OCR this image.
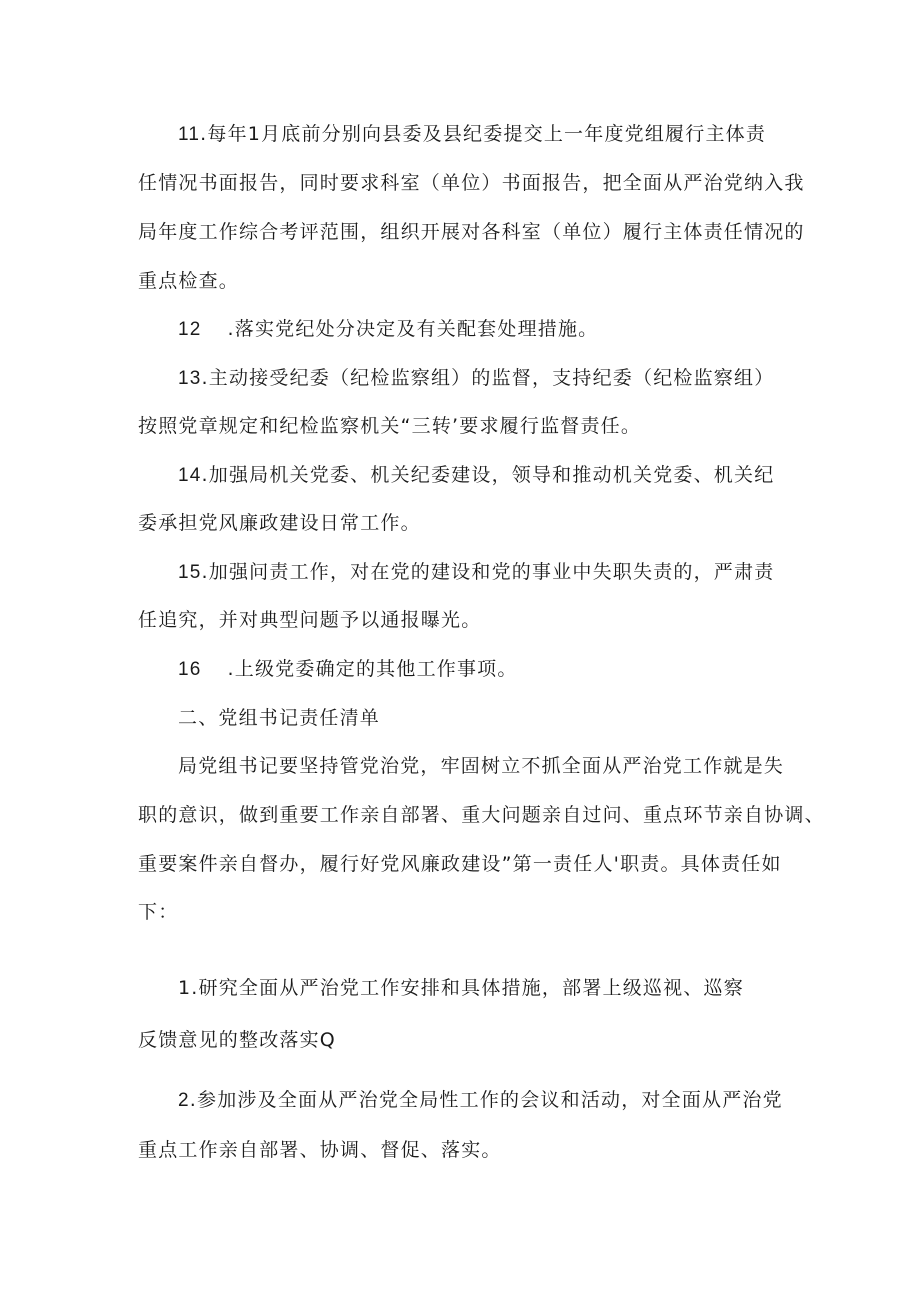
11.每年1月底前分别向县委及县纪委提交上一年度党组履行主体责
任情况书面报告，同时要求科室（单位）书面报告，把全面从严治党纳入我
局年度工作综合考评范围，组织开展对各科室（单位）履行主体责任情况的
重点检查。
12 .落实党纪处分决定及有关配套处理措施。
13.主动接受纪委（纪检监察组）的监督，支持纪委（纪检监察组）
按照党章规定和纪检监察机关“三转’要求履行监督责任。
14.加强局机关党委、机关纪委建设，领导和推动机关党委、机关纪
委承担党风廉政建设日常工作。
15.加强问责工作，对在党的建设和党的事业中失职失责的，严肃责
任追究，并对典型问题予以通报曝光。
16 .上级党委确定的其他工作事项。
二、党组书记责任清单
局党组书记要坚持管党治党，牢固树立不抓全面从严治党工作就是失
职的意识，做到重要工作亲自部署、重大问题亲自过问、重点环节亲自协调、
重要案件亲自督办，履行好党风廉政建设”第一责任人'职责。具体责任如
下：
1.研究全面从严治党工作安排和具体措施，部署上级巡视、巡察
反馈意见的整改落实Q
2.参加涉及全面从严治党全局性工作的会议和活动，对全面从严治党
重点工作亲自部署、协调、督促、落实。
